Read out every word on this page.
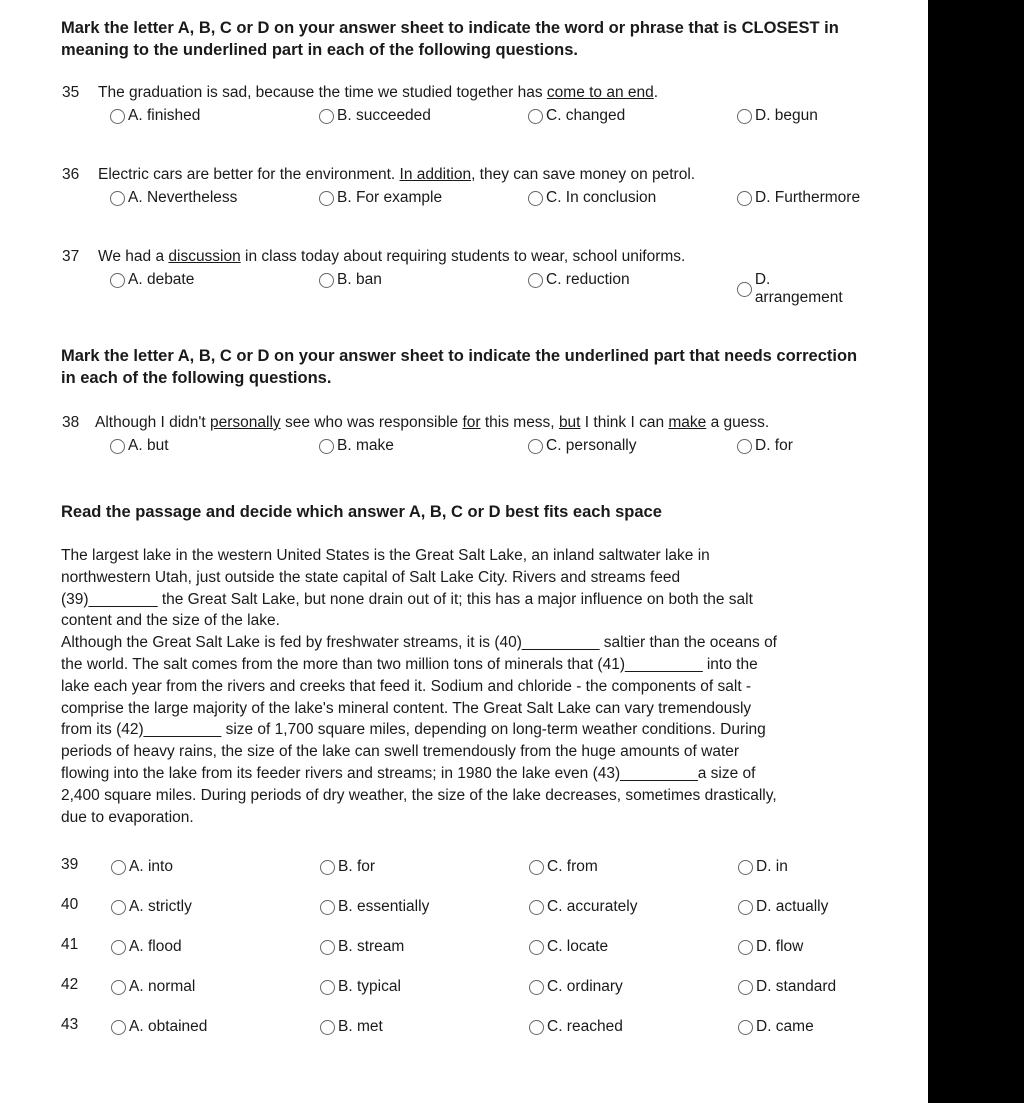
Mark the letter A, B, C or D on your answer sheet to indicate the word or phrase that is CLOSEST in meaning to the underlined part in each of the following questions.
35 The graduation is sad, because the time we studied together has come to an end.
A. finished	B. succeeded	C. changed	D. begun
36 Electric cars are better for the environment. In addition, they can save money on petrol.
A. Nevertheless	B. For example	C. In conclusion	D. Furthermore
37 We had a discussion in class today about requiring students to wear, school uniforms.
A. debate	B. ban	C. reduction	D. arrangement
Mark the letter A, B, C or D on your answer sheet to indicate the underlined part that needs correction in each of the following questions.
38 Although I didn't personally see who was responsible for this mess, but I think I can make a guess.
A. but	B. make	C. personally	D. for
Read the passage and decide which answer A, B, C or D best fits each space
The largest lake in the western United States is the Great Salt Lake, an inland saltwater lake in
northwestern Utah, just outside the state capital of Salt Lake City. Rivers and streams feed
(39)________ the Great Salt Lake, but none drain out of it; this has a major influence on both the salt
content and the size of the lake.
Although the Great Salt Lake is fed by freshwater streams, it is (40)_________ saltier than the oceans of
the world. The salt comes from the more than two million tons of minerals that (41)_________ into the
lake each year from the rivers and creeks that feed it. Sodium and chloride - the components of salt -
comprise the large majority of the lake's mineral content. The Great Salt Lake can vary tremendously
from its (42)_________ size of 1,700 square miles, depending on long-term weather conditions. During
periods of heavy rains, the size of the lake can swell tremendously from the huge amounts of water
flowing into the lake from its feeder rivers and streams; in 1980 the lake even (43)_________a size of
2,400 square miles. During periods of dry weather, the size of the lake decreases, sometimes drastically,
due to evaporation.
39	A. into	B. for	C. from	D. in
40	A. strictly	B. essentially	C. accurately	D. actually
41	A. flood	B. stream	C. locate	D. flow
42	A. normal	B. typical	C. ordinary	D. standard
43	A. obtained	B. met	C. reached	D. came
